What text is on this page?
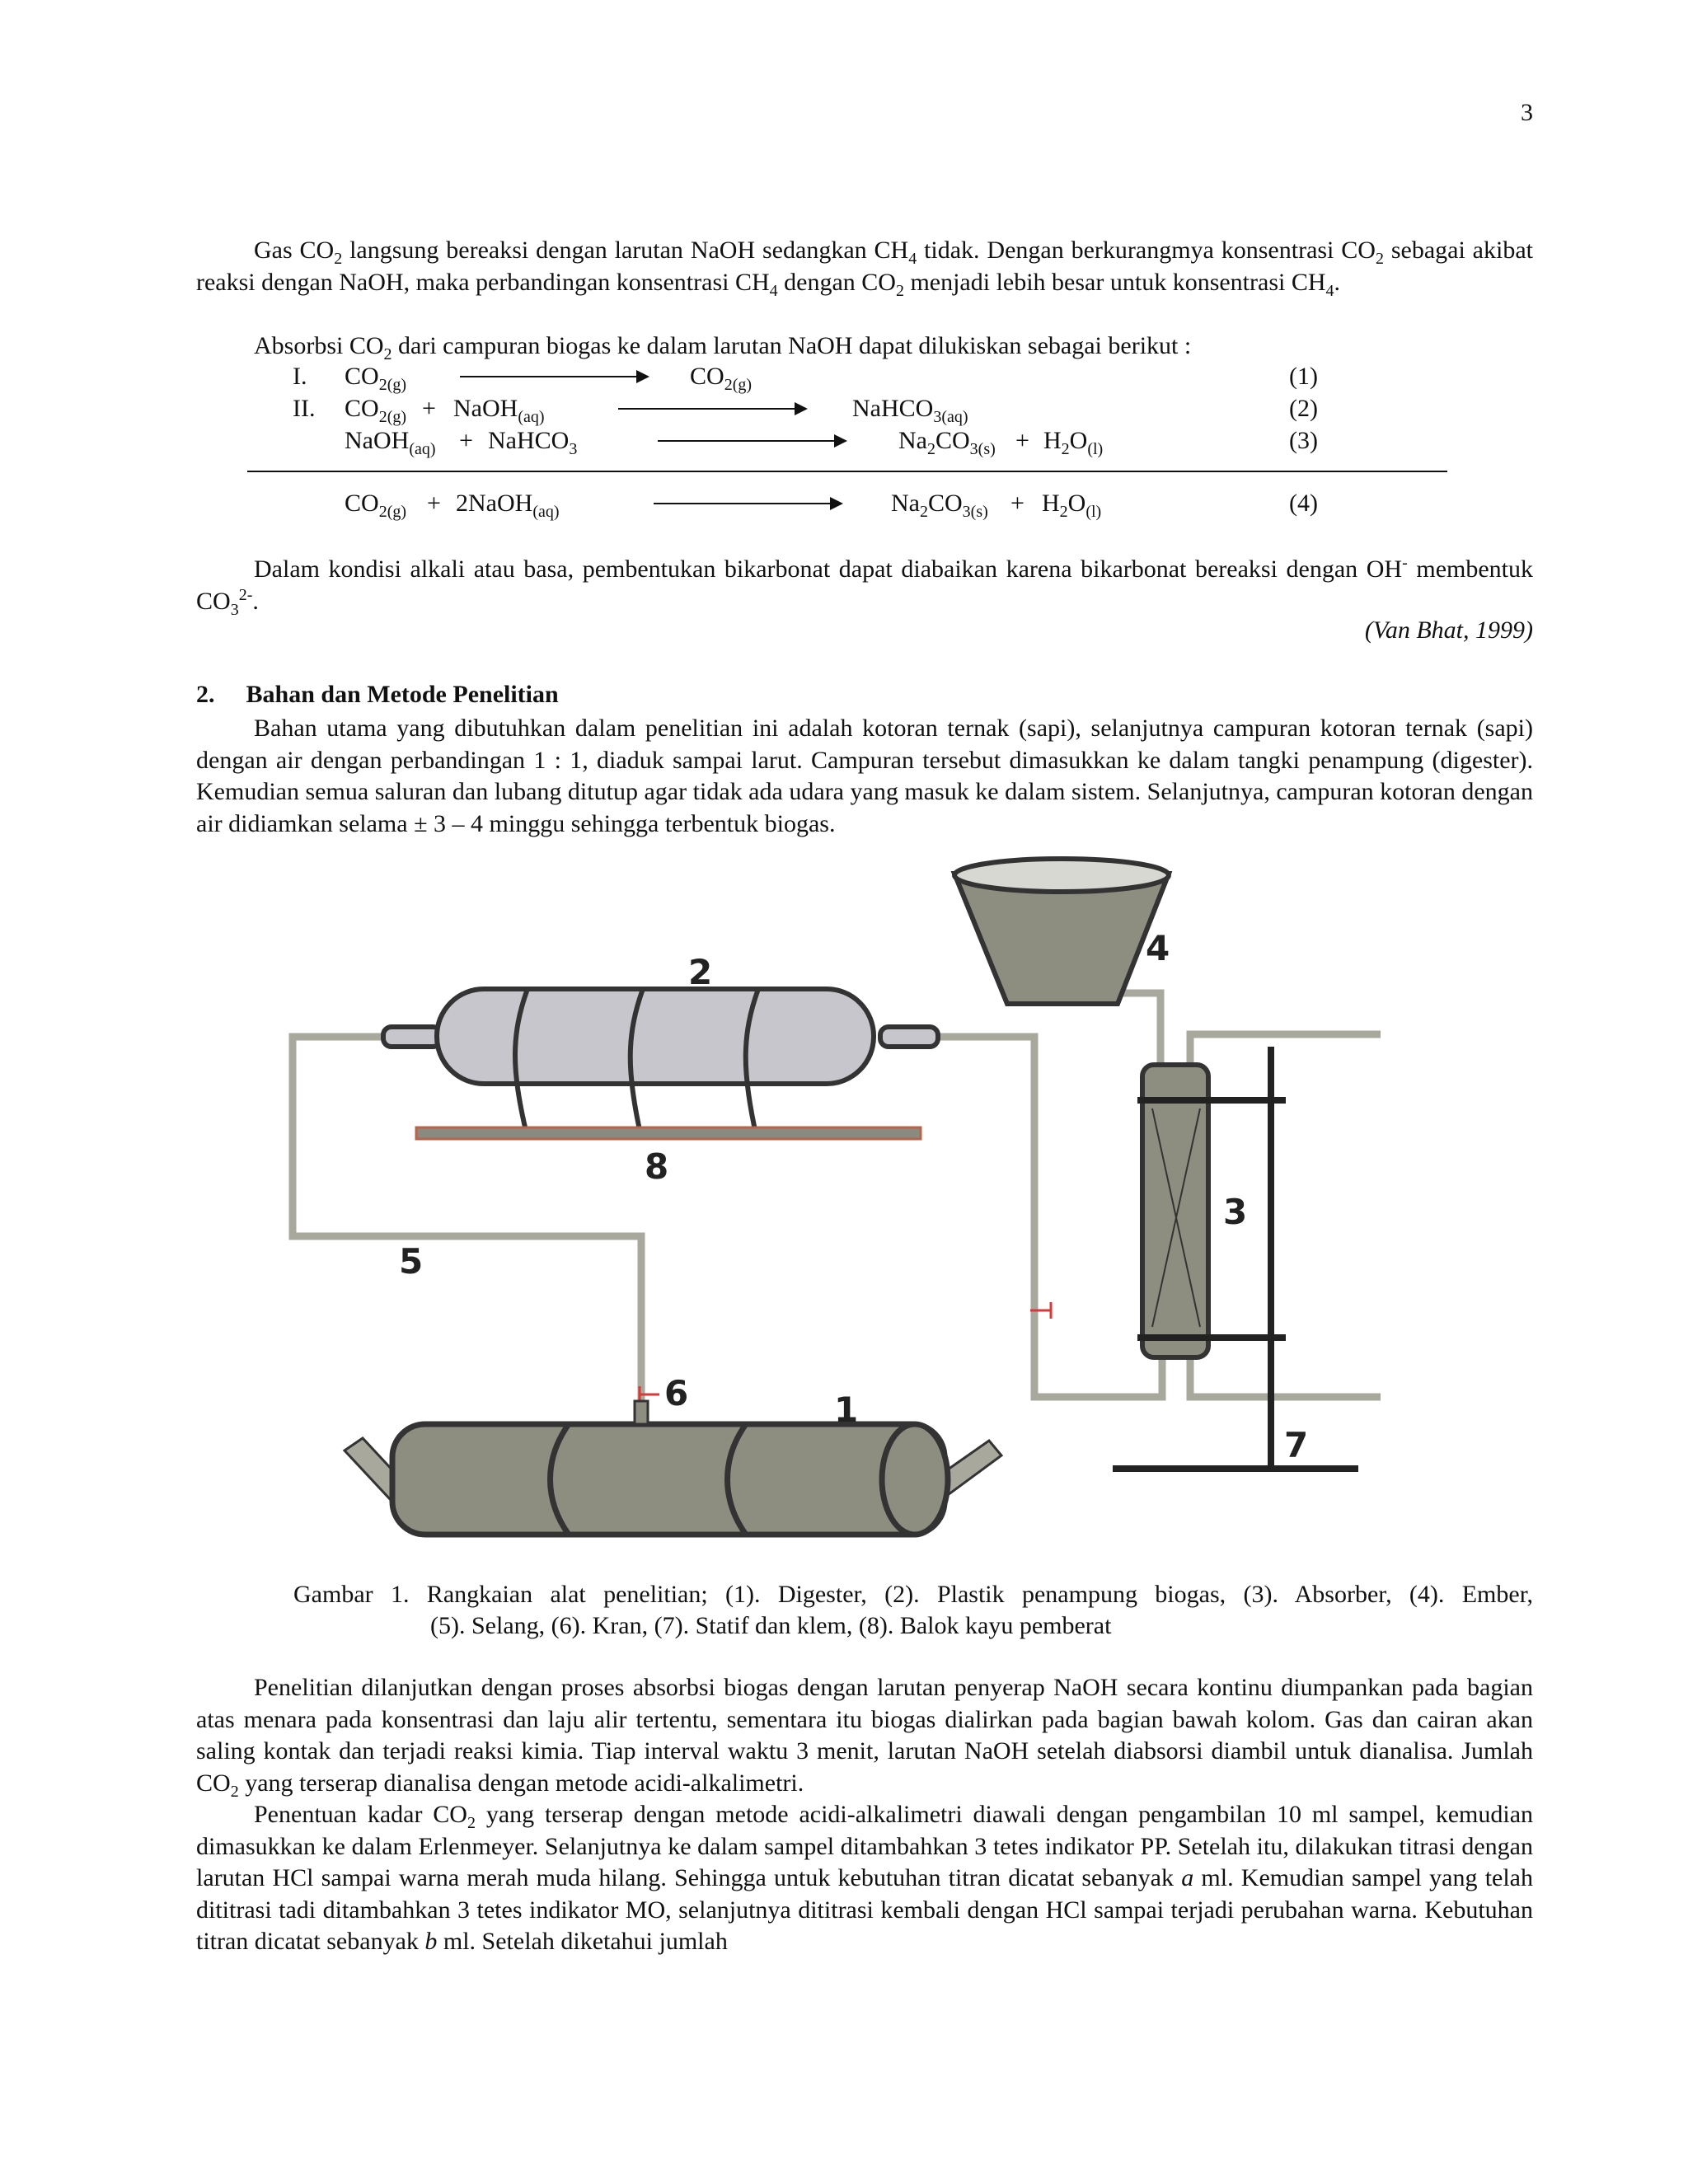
3

Gas $CO_2$ langsung bereaksi dengan larutan NaOH sedangkan $CH_4$ tidak. Dengan berkurangmya konsentrasi $CO_2$ sebagai akibat reaksi dengan NaOH, maka perbandingan konsentrasi $CH_4$ dengan $CO_2$ menjadi lebih besar untuk konsentrasi $CH_4$.

Absorbsi $CO_2$ dari campuran biogas ke dalam larutan NaOH dapat dilukiskan sebagai berikut :

I. $CO_{2(g)}$	$CO_{2(g)}$	(1)
II. $CO_{2(g)}$ + NaOH$_{(aq)}$	NaHCO$_{3(aq)}$	(2)
NaOH$_{(aq)}$ + NaHCO$_3$	$Na_2CO_{3(s)} + H_2O_{(l)}$	(3)
$CO_{2(g)}$ + 2NaOH$_{(aq)}$	$Na_2CO_{3(s)} + H_2O_{(l)}$	(4)

Dalam kondisi alkali atau basa, pembentukan bikarbonat dapat diabaikan karena bikarbonat bereaksi dengan OH- membentuk $CO_3^{2-}$.

(Van Bhat, 1999)
2. Bahan dan Metode Penelitian

Bahan utama yang dibutuhkan dalam penelitian ini adalah kotoran ternak (sapi), selanjutnya campuran kotoran ternak (sapi) dengan air dengan perbandingan 1 : 1, diaduk sampai larut. Campuran tersebut dimasukkan ke dalam tangki penampung (digester). Kemudian semua saluran dan lubang ditutup agar tidak ada udara yang masuk ke dalam sistem. Selanjutnya, campuran kotoran dengan air didiamkan selama ± 3 – 4 minggu sehingga terbentuk biogas.

1
2
3
4
5
6
7
8
Gambar 1. Rangkaian alat penelitian; (1). Digester, (2). Plastik penampung biogas, (3). Absorber, (4). Ember,
(5). Selang, (6). Kran, (7). Statif dan klem, (8). Balok kayu pemberat

Penelitian dilanjutkan dengan proses absorbsi biogas dengan larutan penyerap NaOH secara kontinu diumpankan pada bagian atas menara pada konsentrasi dan laju alir tertentu, sementara itu biogas dialirkan pada bagian bawah kolom. Gas dan cairan akan saling kontak dan terjadi reaksi kimia. Tiap interval waktu 3 menit, larutan NaOH setelah diabsorsi diambil untuk dianalisa. Jumlah $CO_2$ yang terserap dianalisa dengan metode acidi-alkalimetri.

Penentuan kadar $CO_2$ yang terserap dengan metode acidi-alkalimetri diawali dengan pengambilan 10 ml sampel, kemudian dimasukkan ke dalam Erlenmeyer. Selanjutnya ke dalam sampel ditambahkan 3 tetes indikator PP. Setelah itu, dilakukan titrasi dengan larutan HCl sampai warna merah muda hilang. Sehingga untuk kebutuhan titran dicatat sebanyak a ml. Kemudian sampel yang telah dititrasi tadi ditambahkan 3 tetes indikator MO, selanjutnya dititrasi kembali dengan HCl sampai terjadi perubahan warna. Kebutuhan titran dicatat sebanyak b ml. Setelah diketahui jumlah
